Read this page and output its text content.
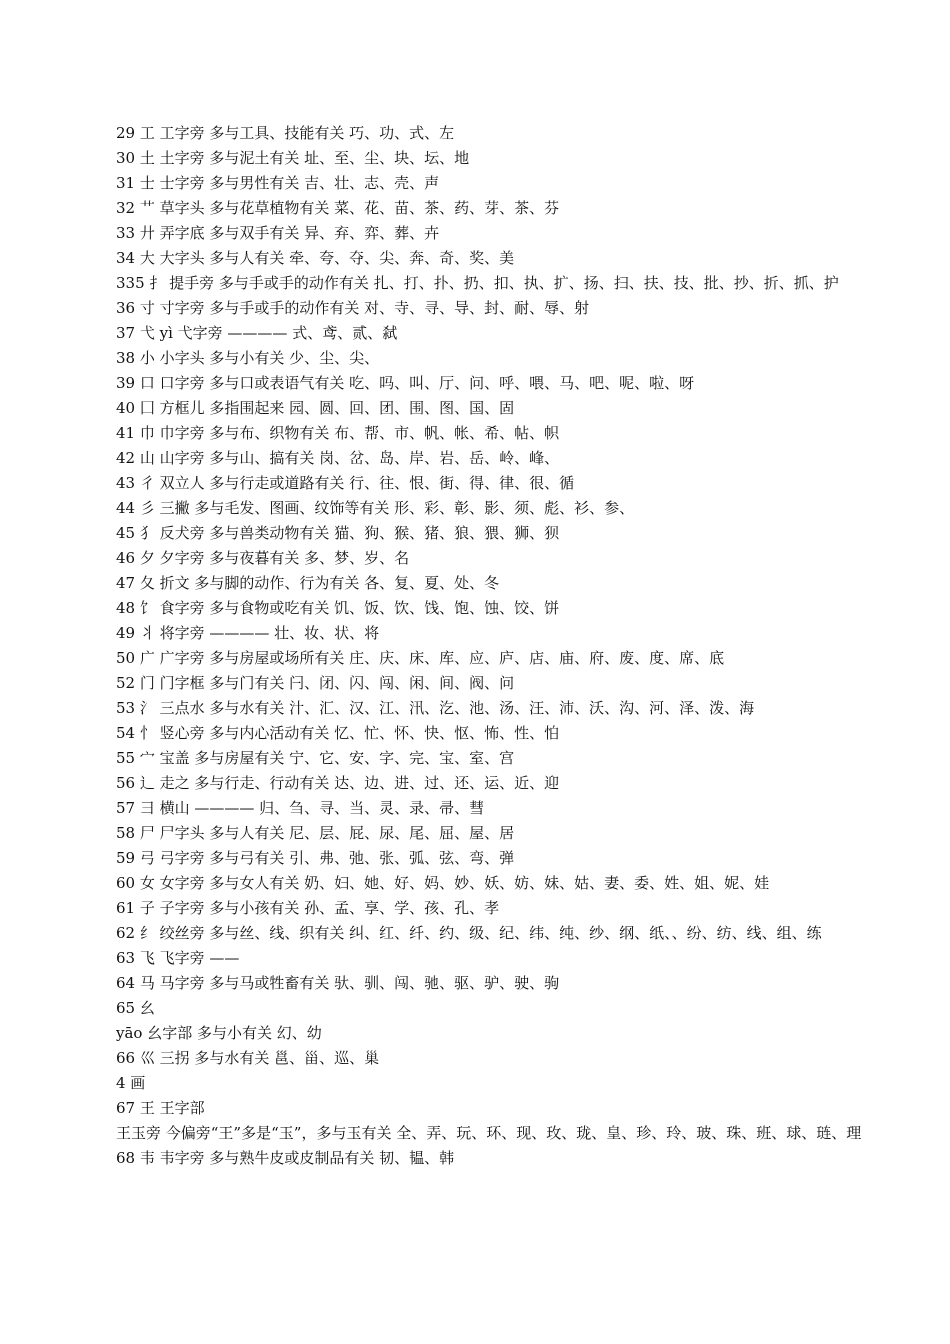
29 工 工字旁 多与工具、技能有关 巧、功、式、左

30 土 土字旁 多与泥土有关 址、至、尘、块、坛、地

31 士 士字旁 多与男性有关 吉、壮、志、壳、声

32 艹 草字头 多与花草植物有关 菜、花、苗、茶、药、芽、茶、芬

33 廾 弄字底 多与双手有关 异、弃、弈、葬、卉

34 大 大字头 多与人有关 牵、夸、夺、尖、奔、奇、奖、美

335 扌 提手旁 多与手或手的动作有关 扎、打、扑、扔、扣、执、扩、扬、扫、扶、技、批、抄、折、抓、护

36 寸 寸字旁 多与手或手的动作有关 对、寺、寻、导、封、耐、辱、射

37 弋 yì 弋字旁 ———— 式、鸢、贰、弑

38 小 小字头 多与小有关 少、尘、尖、

39 口 口字旁 多与口或表语气有关 吃、吗、叫、厅、问、呼、喂、马、吧、呢、啦、呀

40 囗 方框儿 多指围起来 园、圆、回、团、围、图、国、固

41 巾 巾字旁 多与布、织物有关 布、帮、市、帆、帐、希、帖、帜

42 山 山字旁 多与山、搞有关 岗、岔、岛、岸、岩、岳、岭、峰、

43 彳 双立人 多与行走或道路有关 行、往、恨、街、得、律、很、循

44 彡 三撇 多与毛发、图画、纹饰等有关 形、彩、彰、影、须、彪、衫、参、

45 犭 反犬旁 多与兽类动物有关 猫、狗、猴、猪、狼、猥、狮、狈

46 夕 夕字旁 多与夜暮有关 多、梦、岁、名

47 夂 折文 多与脚的动作、行为有关 各、复、夏、处、冬

48 饣 食字旁 多与食物或吃有关 饥、饭、饮、饯、饱、蚀、饺、饼

49 丬 将字旁 ———— 壮、妆、状、将

50 广 广字旁 多与房屋或场所有关 庄、庆、床、库、应、庐、店、庙、府、废、度、席、底

52 门 门字框 多与门有关 闩、闭、闪、闯、闲、间、阀、问

53 氵 三点水 多与水有关 汁、汇、汉、江、汛、汔、池、汤、汪、沛、沃、沟、河、泽、泼、海

54 忄 竖心旁 多与内心活动有关 忆、忙、怀、快、怄、怖、性、怕

55 宀 宝盖 多与房屋有关 宁、它、安、字、完、宝、室、宫

56 辶 走之 多与行走、行动有关 达、边、进、过、还、运、近、迎

57 彐 横山 ———— 归、刍、寻、当、灵、录、帚、彗

58 尸 尸字头 多与人有关 尼、层、屁、尿、尾、屈、屋、居

59 弓 弓字旁 多与弓有关 引、弗、弛、张、弧、弦、弯、弹

60 女 女字旁 多与女人有关 奶、妇、她、好、妈、妙、妖、妨、妹、姑、妻、委、姓、姐、妮、娃

61 子 子字旁 多与小孩有关 孙、孟、享、学、孩、孔、孝

62 纟 绞丝旁 多与丝、线、织有关 纠、红、纤、约、级、纪、纬、纯、纱、纲、纸、、纷、纺、线、组、练

63 飞 飞字旁 ——

64 马 马字旁 多与马或牲畜有关 驮、驯、闯、驰、驱、驴、驶、驹

65 幺

yāo 幺字部 多与小有关 幻、幼

66 巛 三拐 多与水有关 邕、甾、巡、巢

4 画

67 王 王字部

王玉旁 今偏旁“王”多是“玉”，多与玉有关 全、弄、玩、环、现、玫、珑、皇、珍、玲、玻、珠、班、球、琏、理

68 韦 韦字旁 多与熟牛皮或皮制品有关 韧、韫、韩
